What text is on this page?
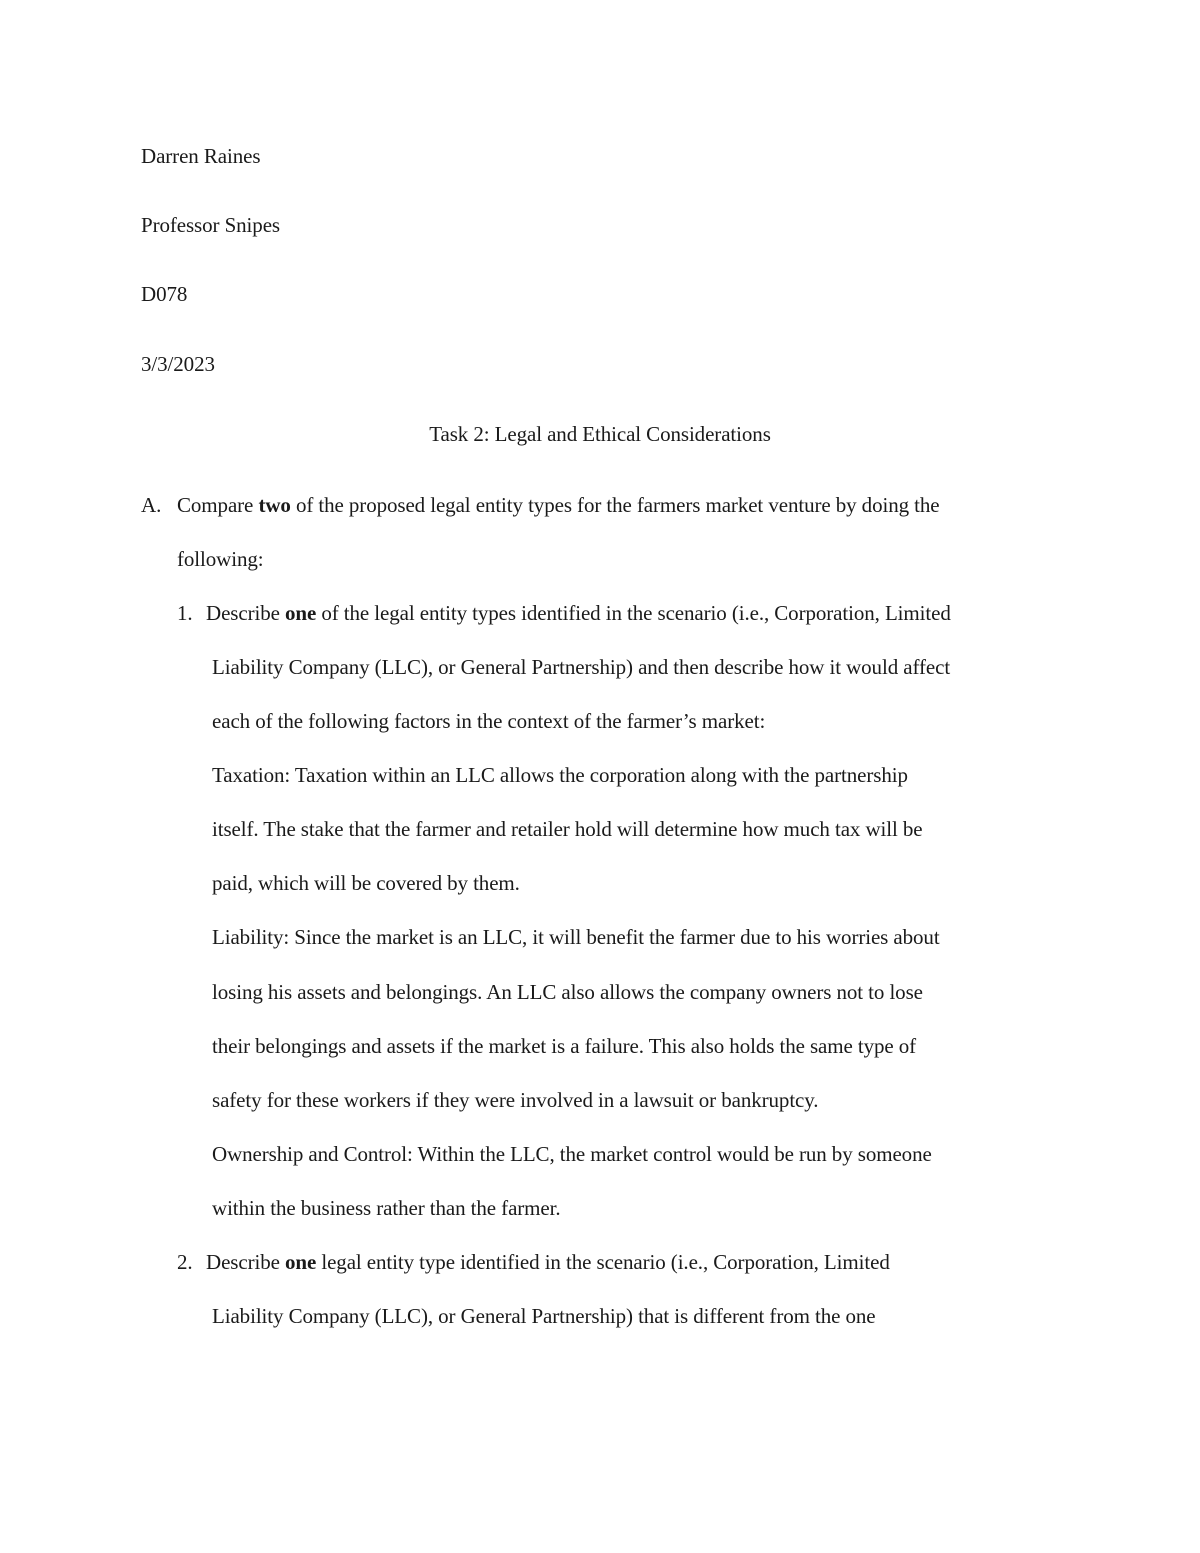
Darren Raines
Professor Snipes
D078
3/3/2023
Task 2: Legal and Ethical Considerations
A. Compare two of the proposed legal entity types for the farmers market venture by doing the
following:
1. Describe one of the legal entity types identified in the scenario (i.e., Corporation, Limited
Liability Company (LLC), or General Partnership) and then describe how it would affect
each of the following factors in the context of the farmer’s market:
Taxation: Taxation within an LLC allows the corporation along with the partnership
itself. The stake that the farmer and retailer hold will determine how much tax will be
paid, which will be covered by them.
Liability: Since the market is an LLC, it will benefit the farmer due to his worries about
losing his assets and belongings. An LLC also allows the company owners not to lose
their belongings and assets if the market is a failure. This also holds the same type of
safety for these workers if they were involved in a lawsuit or bankruptcy.
Ownership and Control: Within the LLC, the market control would be run by someone
within the business rather than the farmer.
2. Describe one legal entity type identified in the scenario (i.e., Corporation, Limited
Liability Company (LLC), or General Partnership) that is different from the one
